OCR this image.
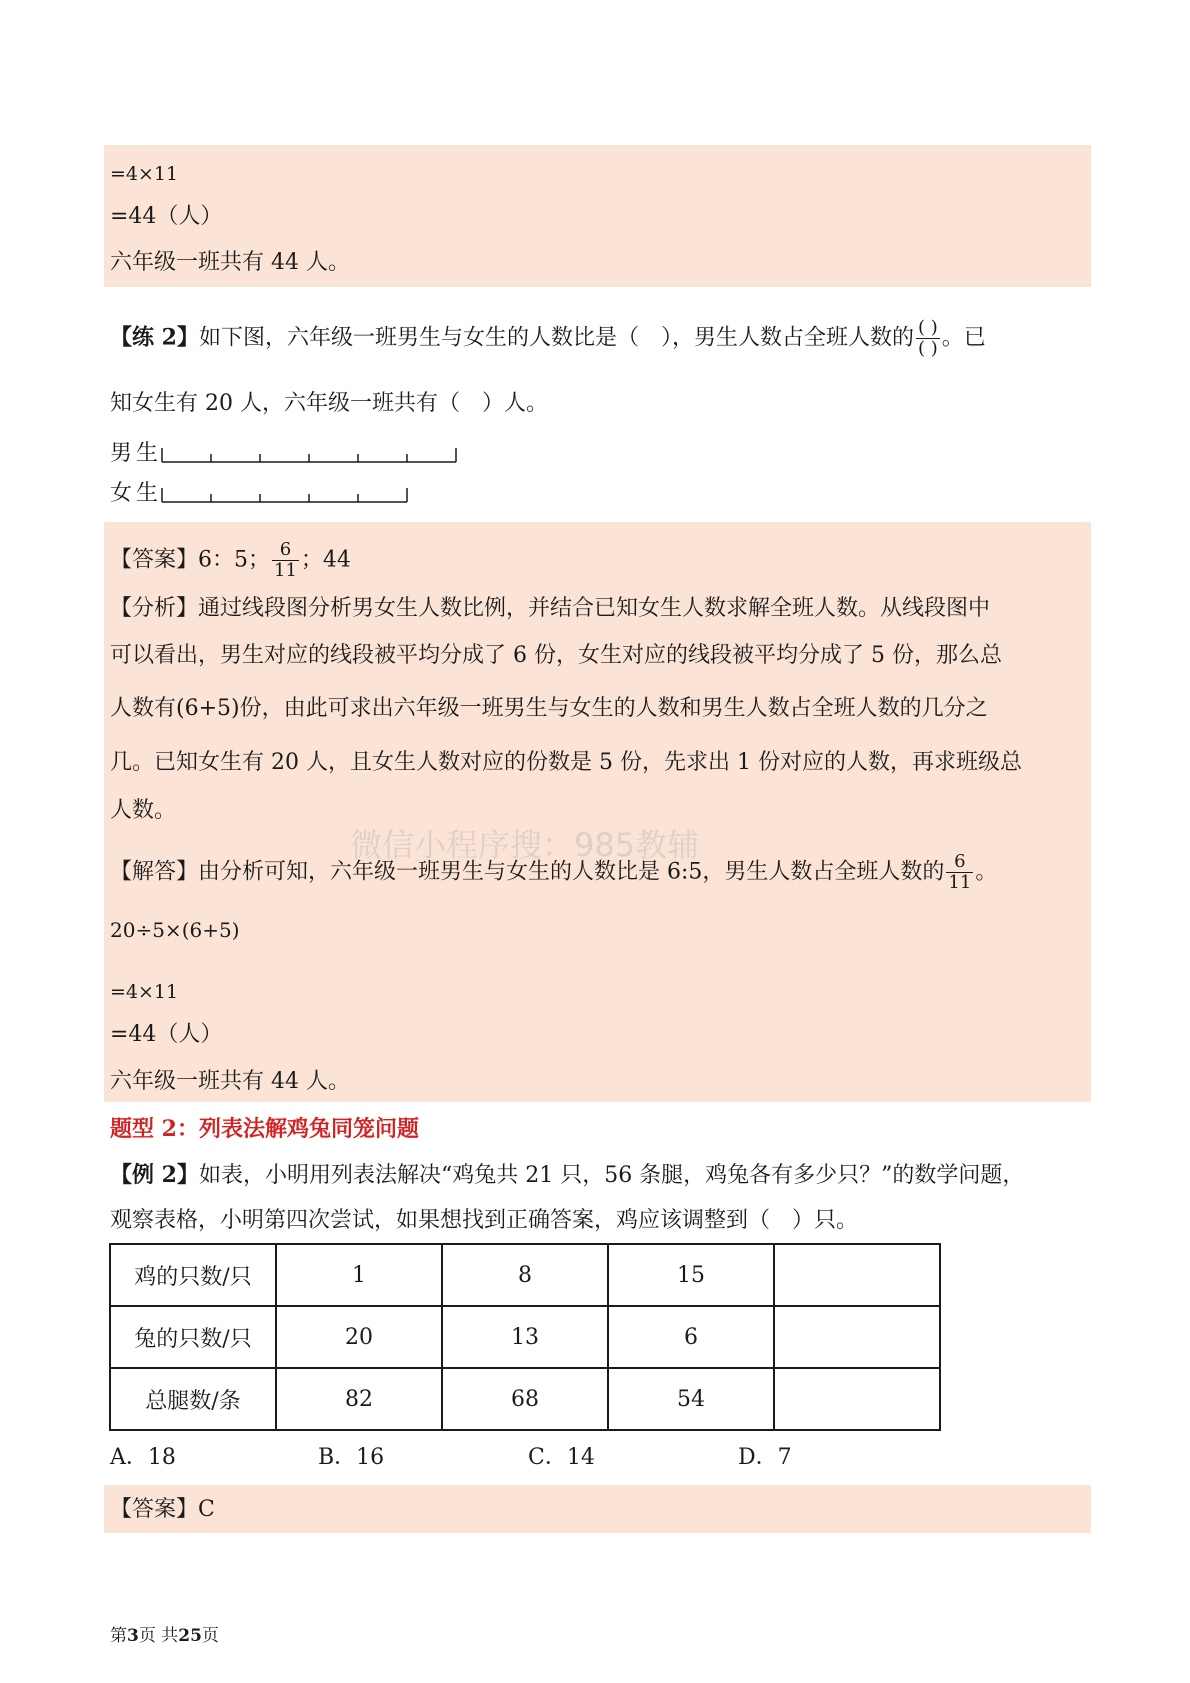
=4×11
=44（人）
六年级一班共有 44 人。
【练 2】如下图，六年级一班男生与女生的人数比是（　），男生人数占全班人数的 $\frac{( )}{( )}$ 。已
知女生有 20 人，六年级一班共有（　）人。
男生
女生
【答案】6：5； $\frac{6}{11}$ ；44
【分析】通过线段图分析男女生人数比例，并结合已知女生人数求解全班人数。从线段图中
可以看出，男生对应的线段被平均分成了 6 份，女生对应的线段被平均分成了 5 份，那么总
人数有(6+5)份，由此可求出六年级一班男生与女生的人数和男生人数占全班人数的几分之
几。已知女生有 20 人，且女生人数对应的份数是 5 份，先求出 1 份对应的人数，再求班级总
人数。
微信小程序搜：985教辅
【解答】由分析可知，六年级一班男生与女生的人数比是 6:5，男生人数占全班人数的 $\frac{6}{11}$ 。
20÷5×(6+5)
=4×11
=44（人）
六年级一班共有 44 人。
题型 2：列表法解鸡兔同笼问题
【例 2】如表，小明用列表法解决“鸡兔共 21 只，56 条腿，鸡兔各有多少只？”的数学问题，
观察表格，小明第四次尝试，如果想找到正确答案，鸡应该调整到（　）只。
鸡的只数/只	1	8	15	
兔的只数/只	20	13	6	
总腿数/条	82	68	54	
A．18	B．16	C．14	D．7
【答案】C
第3页 共25页
